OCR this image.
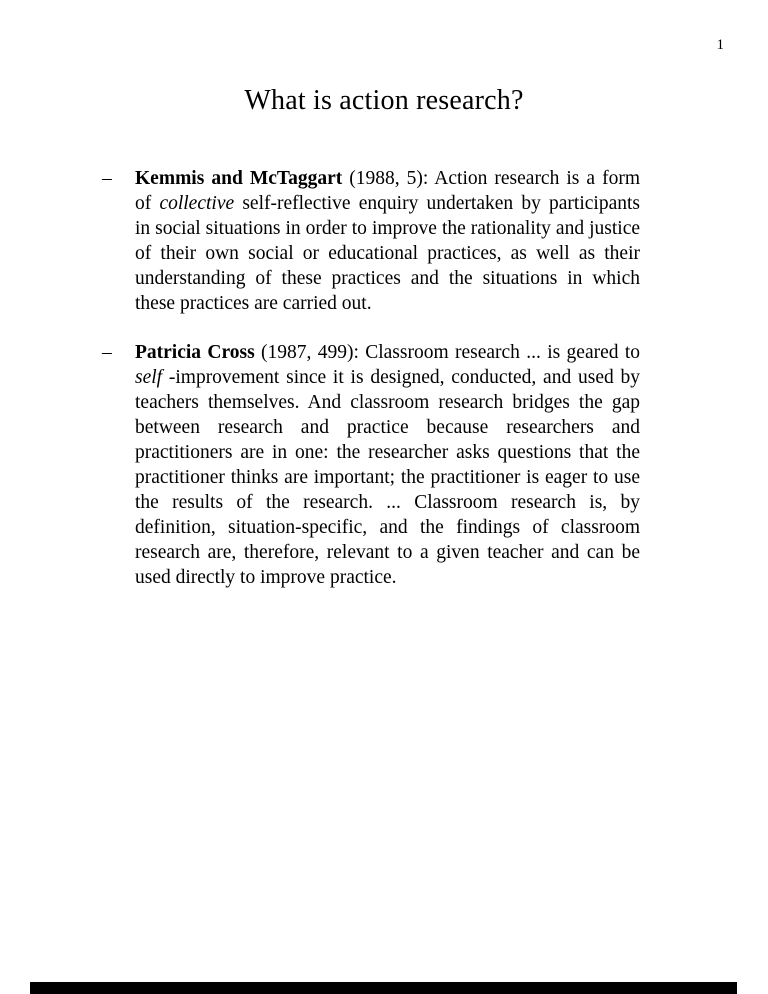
1
What is action research?
– Kemmis and McTaggart (1988, 5): Action research is a form of collective self-reflective enquiry undertaken by participants in social situations in order to improve the rationality and justice of their own social or educational practices, as well as their understanding of these practices and the situations in which these practices are carried out.

– Patricia Cross (1987, 499): Classroom research ... is geared to self -improvement since it is designed, conducted, and used by teachers themselves. And classroom research bridges the gap between research and practice because researchers and practitioners are in one: the researcher asks questions that the practitioner thinks are important; the practitioner is eager to use the results of the research. ... Classroom research is, by definition, situation-specific, and the findings of classroom research are, therefore, relevant to a given teacher and can be used directly to improve practice.
